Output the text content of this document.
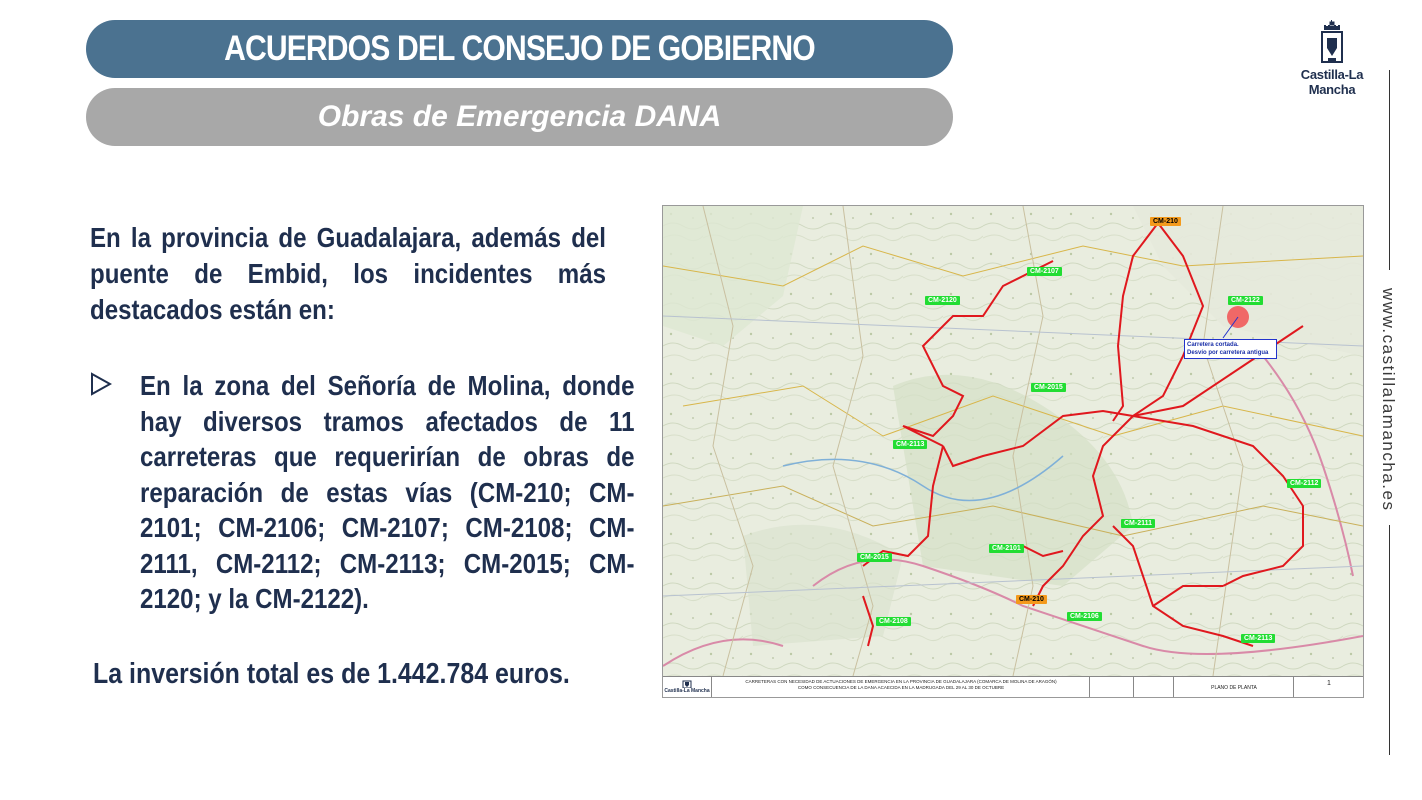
ACUERDOS DEL CONSEJO DE GOBIERNO
Obras de Emergencia DANA
Castilla-La Mancha
www.castillalamancha.es
En la provincia de Guadalajara, además del puente de Embid, los incidentes más destacados están en:
En la zona del Señoría de Molina, donde hay diversos tramos afectados de 11 carreteras que requerirían de obras de reparación de estas vías (CM-210; CM-2101; CM-2106; CM-2107; CM-2108; CM-2111, CM-2112; CM-2113; CM-2015; CM-2120; y la CM-2122).
La inversión total es de 1.442.784 euros.
CM-210
CM-2107
CM-2120	CM-2122
CM-2015
CM-2113
CM-2112
CM-2111
CM-2015
CM-2101
CM-210
CM-2106
CM-2108
CM-2113
Carretera cortada.
Desvío por carretera antigua
Castilla-La Mancha
CARRETERAS CON NECESIDAD DE ACTUACIONES DE EMERGENCIA EN LA PROVINCIA DE GUADALAJARA (COMARCA DE MOLINA DE ARAGÓN)
COMO CONSECUENCIA DE LA DANA ACAECIDA EN LA MADRUGADA DEL 29 AL 30 DE OCTUBRE	PLANO DE PLANTA
1
